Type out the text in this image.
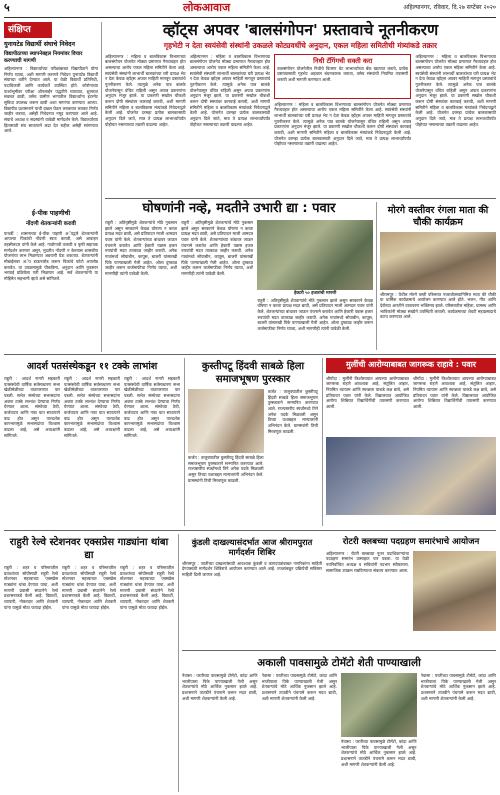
५	लोकआवाज	अहिल्यानगर, रविवार, दि.२७ सप्टेंबर २०२०
संक्षिप्त
युनायटेड विद्यार्थी संघाचे निवेदन
विद्यापीठाच्या स्थापनेबद्दल नियमांवर विचार करण्याची मागणी
अहिल्यानगर : विद्यार्थ्यांच्या परीक्षांबाबत विद्यापीठाने योग्य निर्णय घ्यावा, अशी मागणी करणारे निवेदन युनायटेड विद्यार्थी संघाच्या वतीने देण्यात आले. या वेळी विद्यार्थी प्रतिनिधी, पदाधिकारी आणि कार्यकर्ते उपस्थित होते. कोरोनाच्या पार्श्वभूमीवर परीक्षा ऑनलाईन पद्धतीने घ्याव्यात, शुल्कात सवलत द्यावी, तसेच ग्रामीण भागातील विद्यार्थ्यांना इंटरनेट सुविधा उपलब्ध करून द्यावी अशा मागण्या करण्यात आल्या. विद्यापीठ प्रशासनाने याची दखल घेऊन लवकरात लवकर निर्णय जाहीर करावा, असेही निवेदनात नमूद करण्यात आले आहे. संघाचे अध्यक्ष व सदस्यांनी यावेळी मार्गदर्शन केले. विद्यार्थ्यांच्या हितासाठी संघ सातत्याने लढा देत राहील असेही सांगण्यात आले.
ई-पीक पाहणीची
नोंदणी शेतकऱ्यांनी करावी
पाथर्डी : शासनाच्या ई-पीक पाहणी अॅपद्वारे शेतकऱ्यांनी आपल्या पिकांची नोंदणी स्वतः करावी, असे आवाहन तहसीलदार यांनी केले आहे. गावोगावी तलाठी व कृषी सहायक मार्गदर्शन करणार असून, मुदतीत नोंदणी न केल्यास शासकीय योजनांचा लाभ मिळण्यात अडचणी येऊ शकतात. शेतकऱ्यांनी मोबाईलवर अॅप डाऊनलोड करून पिकांचे फोटो अपलोड करावेत. या उपक्रमामुळे पीकविमा, अनुदान आणि नुकसान भरपाई प्रक्रियेला गती मिळणार आहे. सर्व शेतकऱ्यांनी या मोहिमेत सहभागी व्हावे असे सांगितले.
व्हॉट्स अपवर 'बालसंगोपन' प्रस्तावाचे नूतनीकरण
गृहभेटी न देता स्वयंसेवी संस्थांनी उकळले कोट्यवधींचे अनुदान, एकल महिला समितीची मंत्र्यांकडे तक्रार
अहिल्यानगर : महिला व बालविकास विभागाच्या बालसंगोपन योजनेत मोठ्या प्रमाणात गैरव्यवहार होत असल्याचा आरोप एकल महिला समितीने केला आहे. स्वयंसेवी संस्थांनी लाभार्थी बालकांच्या घरी प्रत्यक्ष भेट न देता केवळ व्हॉट्स अपवर माहिती मागवून प्रस्तावांचे नूतनीकरण केले. त्यामुळे अनेक पात्र बालके योजनेपासून वंचित राहिली असून अपात्र प्रकरणांना अनुदान मंजूर झाले. या प्रकरणी सखोल चौकशी करून दोषी संस्थांवर कारवाई करावी, अशी मागणी समितीने महिला व बालविकास मंत्र्यांकडे निवेदनाद्वारे केली आहे. योजनेत दरमहा प्रत्येक बालकासाठी अनुदान दिले जाते, मात्र ते प्रत्यक्ष लाभार्थ्यांपर्यंत पोहोचत नसल्याच्या तक्रारी वाढल्या आहेत.
अहिल्यानगर : महिला व बालविकास विभागाच्या बालसंगोपन योजनेत मोठ्या प्रमाणात गैरव्यवहार होत असल्याचा आरोप एकल महिला समितीने केला आहे. स्वयंसेवी संस्थांनी लाभार्थी बालकांच्या घरी प्रत्यक्ष भेट न देता केवळ व्हॉट्स अपवर माहिती मागवून प्रस्तावांचे नूतनीकरण केले. त्यामुळे अनेक पात्र बालके योजनेपासून वंचित राहिली असून अपात्र प्रकरणांना अनुदान मंजूर झाले. या प्रकरणी सखोल चौकशी करून दोषी संस्थांवर कारवाई करावी, अशी मागणी समितीने महिला व बालविकास मंत्र्यांकडे निवेदनाद्वारे केली आहे. योजनेत दरमहा प्रत्येक बालकासाठी अनुदान दिले जाते, मात्र ते प्रत्यक्ष लाभार्थ्यांपर्यंत पोहोचत नसल्याच्या तक्रारी वाढल्या आहेत.
निधी टॅगिंगची सक्ती करा
बालसंगोपन योजनेतील निधीचे वितरण थेट लाभार्थ्यांच्या बँक खात्यात करावे, प्रत्येक प्रस्तावासाठी गृहभेट अहवाल बंधनकारक करावा, तसेच संस्थांची नियमित तपासणी करावी अशी मागणी करण्यात आली.
अहिल्यानगर : महिला व बालविकास विभागाच्या बालसंगोपन योजनेत मोठ्या प्रमाणात गैरव्यवहार होत असल्याचा आरोप एकल महिला समितीने केला आहे. स्वयंसेवी संस्थांनी लाभार्थी बालकांच्या घरी प्रत्यक्ष भेट न देता केवळ व्हॉट्स अपवर माहिती मागवून प्रस्तावांचे नूतनीकरण केले. त्यामुळे अनेक पात्र बालके योजनेपासून वंचित राहिली असून अपात्र प्रकरणांना अनुदान मंजूर झाले. या प्रकरणी सखोल चौकशी करून दोषी संस्थांवर कारवाई करावी, अशी मागणी समितीने महिला व बालविकास मंत्र्यांकडे निवेदनाद्वारे केली आहे. योजनेत दरमहा प्रत्येक बालकासाठी अनुदान दिले जाते, मात्र ते प्रत्यक्ष लाभार्थ्यांपर्यंत पोहोचत नसल्याच्या तक्रारी वाढल्या आहेत.
अहिल्यानगर : महिला व बालविकास विभागाच्या बालसंगोपन योजनेत मोठ्या प्रमाणात गैरव्यवहार होत असल्याचा आरोप एकल महिला समितीने केला आहे. स्वयंसेवी संस्थांनी लाभार्थी बालकांच्या घरी प्रत्यक्ष भेट न देता केवळ व्हॉट्स अपवर माहिती मागवून प्रस्तावांचे नूतनीकरण केले. त्यामुळे अनेक पात्र बालके योजनेपासून वंचित राहिली असून अपात्र प्रकरणांना अनुदान मंजूर झाले. या प्रकरणी सखोल चौकशी करून दोषी संस्थांवर कारवाई करावी, अशी मागणी समितीने महिला व बालविकास मंत्र्यांकडे निवेदनाद्वारे केली आहे. योजनेत दरमहा प्रत्येक बालकासाठी अनुदान दिले जाते, मात्र ते प्रत्यक्ष लाभार्थ्यांपर्यंत पोहोचत नसल्याच्या तक्रारी वाढल्या आहेत.
घोषणांनी नव्हे, मदतीने उभारी द्या : पवार
राहुरी : अतिवृष्टीमुळे शेतकऱ्यांचे मोठे नुकसान झाले असून सरकारने केवळ घोषणा न करता प्रत्यक्ष मदत द्यावी, असे प्रतिपादन माजी आमदार पवार यांनी केले. शेतकऱ्यांच्या बांधावर जाऊन पंचनामे करावेत आणि हेक्टरी पन्नास हजार रुपयांची मदत तात्काळ जाहीर करावी. अनेक गावांमध्ये सोयाबीन, कापूस, बाजरी यांसारखी पिके पाण्याखाली गेली आहेत. ओला दुष्काळ जाहीर करून कर्जमाफीचा निर्णय घ्यावा, अशी मागणीही त्यांनी यावेळी केली.
राहुरी : अतिवृष्टीमुळे शेतकऱ्यांचे मोठे नुकसान झाले असून सरकारने केवळ घोषणा न करता प्रत्यक्ष मदत द्यावी, असे प्रतिपादन माजी आमदार पवार यांनी केले. शेतकऱ्यांच्या बांधावर जाऊन पंचनामे करावेत आणि हेक्टरी पन्नास हजार रुपयांची मदत तात्काळ जाहीर करावी. अनेक गावांमध्ये सोयाबीन, कापूस, बाजरी यांसारखी पिके पाण्याखाली गेली आहेत. ओला दुष्काळ जाहीर करून कर्जमाफीचा निर्णय घ्यावा, अशी मागणीही त्यांनी यावेळी केली.
हेक्टरी ५० हजारांची मागणी
राहुरी : अतिवृष्टीमुळे शेतकऱ्यांचे मोठे नुकसान झाले असून सरकारने केवळ घोषणा न करता प्रत्यक्ष मदत द्यावी, असे प्रतिपादन माजी आमदार पवार यांनी केले. शेतकऱ्यांच्या बांधावर जाऊन पंचनामे करावेत आणि हेक्टरी पन्नास हजार रुपयांची मदत तात्काळ जाहीर करावी. अनेक गावांमध्ये सोयाबीन, कापूस, बाजरी यांसारखी पिके पाण्याखाली गेली आहेत. ओला दुष्काळ जाहीर करून कर्जमाफीचा निर्णय घ्यावा, अशी मागणीही त्यांनी यावेळी केली.
मोरगे वस्तीवर रंगला माता की चौकी कार्यक्रम
श्रीरामपूर : येथील मोरगे वस्ती परिसरात नवरात्रोत्सवानिमित्त माता की चौकी या धार्मिक कार्यक्रमाचे आयोजन करण्यात आले होते. भजन, गीत आणि देवीच्या आरतीने वातावरण भक्तिमय झाले. परिसरातील महिला, ग्रामस्थ आणि भाविकांनी मोठ्या संख्येने उपस्थिती लावली. कार्यक्रमाच्या शेवटी महाप्रसादाचे वाटप करण्यात आले.
आदर्श पतसंस्थेकडून ११ टक्के लाभांश
राहुरी : आदर्श नागरी सहकारी पतसंस्थेची वार्षिक सर्वसाधारण सभा खेळीमेळीच्या वातावरणात पार पडली. सभेत संस्थेच्या सभासदांना अकरा टक्के लाभांश देण्याचा निर्णय घेण्यात आला. संस्थेच्या ठेवी, कर्जवाटप आणि नफा यात सातत्याने वाढ होत असून पारदर्शक कारभारामुळे सभासदांचा विश्वास वाढला आहे, असे अध्यक्षांनी सांगितले.
राहुरी : आदर्श नागरी सहकारी पतसंस्थेची वार्षिक सर्वसाधारण सभा खेळीमेळीच्या वातावरणात पार पडली. सभेत संस्थेच्या सभासदांना अकरा टक्के लाभांश देण्याचा निर्णय घेण्यात आला. संस्थेच्या ठेवी, कर्जवाटप आणि नफा यात सातत्याने वाढ होत असून पारदर्शक कारभारामुळे सभासदांचा विश्वास वाढला आहे, असे अध्यक्षांनी सांगितले.
राहुरी : आदर्श नागरी सहकारी पतसंस्थेची वार्षिक सर्वसाधारण सभा खेळीमेळीच्या वातावरणात पार पडली. सभेत संस्थेच्या सभासदांना अकरा टक्के लाभांश देण्याचा निर्णय घेण्यात आला. संस्थेच्या ठेवी, कर्जवाटप आणि नफा यात सातत्याने वाढ होत असून पारदर्शक कारभारामुळे सभासदांचा विश्वास वाढला आहे, असे अध्यक्षांनी सांगितले.
कुस्तीपटू हिंदवी साबळे हिला समाजभूषण पुरस्कार
कर्जत : तालुक्यातील कुस्तीपटू हिंदवी साबळे हिला समाजभूषण पुरस्काराने सन्मानित करण्यात आले. राज्यस्तरीय स्पर्धांमध्ये तिने अनेक पदके मिळवली असून तिच्या यशाबद्दल मान्यवरांनी अभिनंदन केले. ग्रामस्थांनी तिची मिरवणूक काढली.
कर्जत : तालुक्यातील कुस्तीपटू हिंदवी साबळे हिला समाजभूषण पुरस्काराने सन्मानित करण्यात आले. राज्यस्तरीय स्पर्धांमध्ये तिने अनेक पदके मिळवली असून तिच्या यशाबद्दल मान्यवरांनी अभिनंदन केले. ग्रामस्थांनी तिची मिरवणूक काढली.
मुलींची आरोग्याबाबत जागरूक राहावे : पवार
श्रीगोंदा : मुलींनी किशोरवयात आपल्या आरोग्याबाबत जागरूक राहणे आवश्यक आहे, संतुलित आहार, नियमित व्यायाम आणि स्वच्छता याकडे लक्ष द्यावे, असे प्रतिपादन पवार यांनी केले. विद्यालयात आयोजित आरोग्य शिबिरात विद्यार्थिनींची तपासणी करण्यात आली.
श्रीगोंदा : मुलींनी किशोरवयात आपल्या आरोग्याबाबत जागरूक राहणे आवश्यक आहे, संतुलित आहार, नियमित व्यायाम आणि स्वच्छता याकडे लक्ष द्यावे, असे प्रतिपादन पवार यांनी केले. विद्यालयात आयोजित आरोग्य शिबिरात विद्यार्थिनींची तपासणी करण्यात आली.
राहुरी रेल्वे स्टेशनवर एक्सप्रेस गाड्यांना थांबा द्या
राहुरी : शहर व परिसरातील प्रवाशांच्या सोयीसाठी राहुरी रेल्वे स्टेशनवर महत्त्वाच्या एक्सप्रेस गाड्यांना थांबा देण्यात यावा, अशी मागणी प्रवासी संघटनेने रेल्वे प्रशासनाकडे केली आहे. विद्यार्थी, व्यापारी, नोकरदार आणि शेतकरी यांना यामुळे मोठा फायदा होईल.
राहुरी : शहर व परिसरातील प्रवाशांच्या सोयीसाठी राहुरी रेल्वे स्टेशनवर महत्त्वाच्या एक्सप्रेस गाड्यांना थांबा देण्यात यावा, अशी मागणी प्रवासी संघटनेने रेल्वे प्रशासनाकडे केली आहे. विद्यार्थी, व्यापारी, नोकरदार आणि शेतकरी यांना यामुळे मोठा फायदा होईल.
राहुरी : शहर व परिसरातील प्रवाशांच्या सोयीसाठी राहुरी रेल्वे स्टेशनवर महत्त्वाच्या एक्सप्रेस गाड्यांना थांबा देण्यात यावा, अशी मागणी प्रवासी संघटनेने रेल्वे प्रशासनाकडे केली आहे. विद्यार्थी, व्यापारी, नोकरदार आणि शेतकरी यांना यामुळे मोठा फायदा होईल.
कुंडली दाखल्यासंदर्भात आज श्रीरामपुरात मार्गदर्शन शिबिर
श्रीरामपूर : जातीच्या दाखल्यांसाठी आवश्यक कुंडली व कागदपत्रांबाबत नागरिकांना माहिती देण्यासाठी मार्गदर्शन शिबिराचे आयोजन करण्यात आले आहे. तज्ज्ञांकडून प्रक्रियेची सविस्तर माहिती दिली जाणार आहे.
रोटरी क्लबच्या पदग्रहण समारंभाचे आयोजन
अहिल्यानगर : रोटरी क्लबच्या नूतन पदाधिकाऱ्यांचा पदग्रहण समारंभ उत्साहात पार पडला. या वेळी नवनिर्वाचित अध्यक्ष व सचिवांनी पदभार स्वीकारला. सामाजिक उपक्रम राबविण्याचा संकल्प करण्यात आला.
अकाली पावसामुळे टोमॅटो शेती पाण्याखाली
नेवासा : परतीच्या पावसामुळे टोमॅटो, कांदा आणि भाजीपाला पिके पाण्याखाली गेली असून शेतकऱ्यांचे मोठे आर्थिक नुकसान झाले आहे. प्रशासनाने तातडीने पंचनामे करून मदत द्यावी, अशी मागणी शेतकऱ्यांनी केली आहे.
नेवासा : परतीच्या पावसामुळे टोमॅटो, कांदा आणि भाजीपाला पिके पाण्याखाली गेली असून शेतकऱ्यांचे मोठे आर्थिक नुकसान झाले आहे. प्रशासनाने तातडीने पंचनामे करून मदत द्यावी, अशी मागणी शेतकऱ्यांनी केली आहे.
नेवासा : परतीच्या पावसामुळे टोमॅटो, कांदा आणि भाजीपाला पिके पाण्याखाली गेली असून शेतकऱ्यांचे मोठे आर्थिक नुकसान झाले आहे. प्रशासनाने तातडीने पंचनामे करून मदत द्यावी, अशी मागणी शेतकऱ्यांनी केली आहे.
नेवासा : परतीच्या पावसामुळे टोमॅटो, कांदा आणि भाजीपाला पिके पाण्याखाली गेली असून शेतकऱ्यांचे मोठे आर्थिक नुकसान झाले आहे. प्रशासनाने तातडीने पंचनामे करून मदत द्यावी, अशी मागणी शेतकऱ्यांनी केली आहे.
